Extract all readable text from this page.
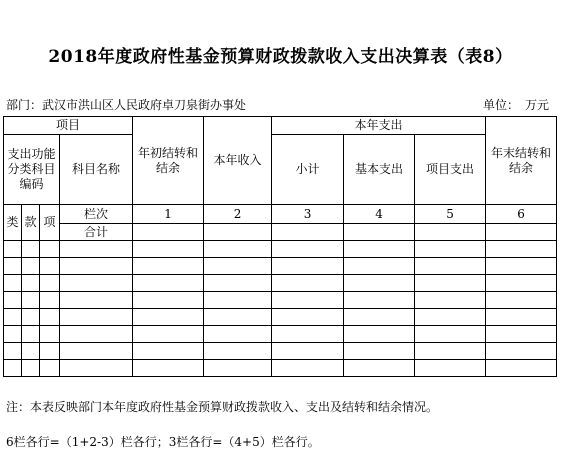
2018年度政府性基金预算财政拨款收入支出决算表（表8）
部门：武汉市洪山区人民政府卓刀泉街办事处	单位： 万元
项目				年初结转和结余	本年收入	本年支出			年末结转和结余
支出功能分类科目编码			科目名称			小计	基本支出	项目支出	
类	款	项	栏次	1	2	3	4	5	6
			合计						

注：本表反映部门本年度政府性基金预算财政拨款收入、支出及结转和结余情况。
6栏各行=（1+2-3）栏各行；3栏各行=（4+5）栏各行。
